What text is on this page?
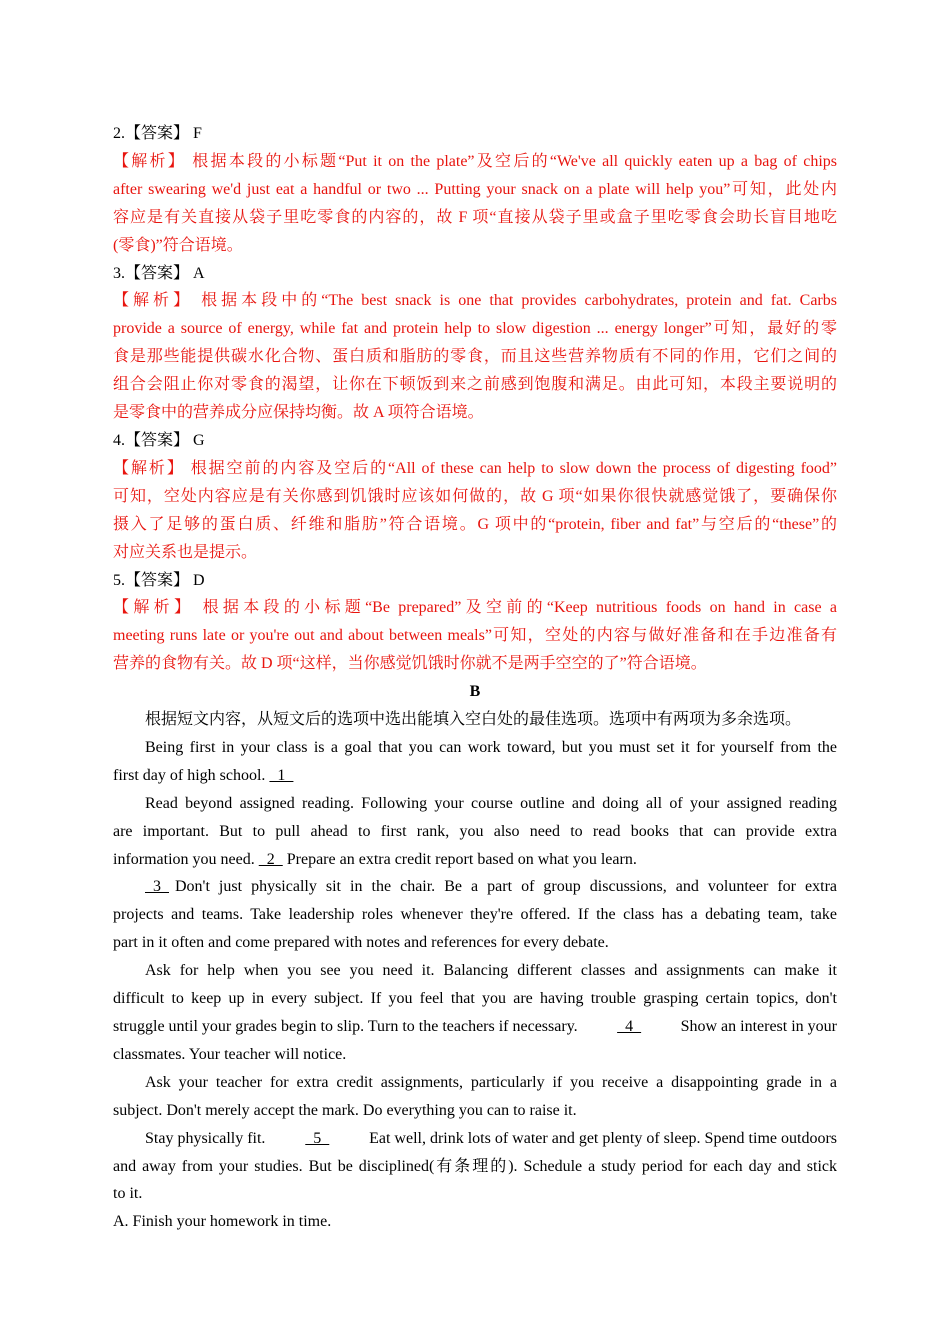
2.【答案】 F
【解析】 根据本段的小标题“Put it on the plate”及空后的“We've all quickly eaten up a bag of chips
after swearing we'd just eat a handful or two ... Putting your snack on a plate will help you”可知，此处内
容应是有关直接从袋子里吃零食的内容的，故 F 项“直接从袋子里或盒子里吃零食会助长盲目地吃
(零食)”符合语境。
3.【答案】 A
【解析】 根据本段中的“The best snack is one that provides carbohydrates, protein and fat. Carbs
provide a source of energy, while fat and protein help to slow digestion ... energy longer”可知，最好的零
食是那些能提供碳水化合物、蛋白质和脂肪的零食，而且这些营养物质有不同的作用，它们之间的
组合会阻止你对零食的渴望，让你在下顿饭到来之前感到饱腹和满足。由此可知，本段主要说明的
是零食中的营养成分应保持均衡。故 A 项符合语境。
4.【答案】 G
【解析】 根据空前的内容及空后的“All of these can help to slow down the process of digesting food”
可知，空处内容应是有关你感到饥饿时应该如何做的，故 G 项“如果你很快就感觉饿了，要确保你
摄入了足够的蛋白质、纤维和脂肪”符合语境。G 项中的“protein, fiber and fat”与空后的“these”的
对应关系也是提示。
5.【答案】 D
【解析】 根据本段的小标题“Be prepared”及空前的“Keep nutritious foods on hand in case a
meeting runs late or you're out and about between meals”可知，空处的内容与做好准备和在手边准备有
营养的食物有关。故 D 项“这样，当你感觉饥饿时你就不是两手空空的了”符合语境。
B
根据短文内容，从短文后的选项中选出能填入空白处的最佳选项。选项中有两项为多余选项。
Being first in your class is a goal that you can work toward, but you must set it for yourself from the
first day of high school.   1
Read beyond assigned reading. Following your course outline and doing all of your assigned reading
are important. But to pull ahead to first rank, you also need to read books that can provide extra
information you need.   2   Prepare an extra credit report based on what you learn.
3 Don't just physically sit in the chair. Be a part of group discussions, and volunteer for extra
projects and teams. Take leadership roles whenever they're offered. If the class has a debating team, take
part in it often and come prepared with notes and references for every debate.
Ask for help when you see you need it. Balancing different classes and assignments can make it
difficult to keep up in every subject. If you feel that you are having trouble grasping certain topics, don't
struggle until your grades begin to slip. Turn to the teachers if necessary. 4 Show an interest in your
classmates. Your teacher will notice.
Ask your teacher for extra credit assignments, particularly if you receive a disappointing grade in a
subject. Don't merely accept the mark. Do everything you can to raise it.
Stay physically fit. 5 Eat well, drink lots of water and get plenty of sleep. Spend time outdoors
and away from your studies. But be disciplined(有条理的). Schedule a study period for each day and stick
to it.
A. Finish your homework in time.
